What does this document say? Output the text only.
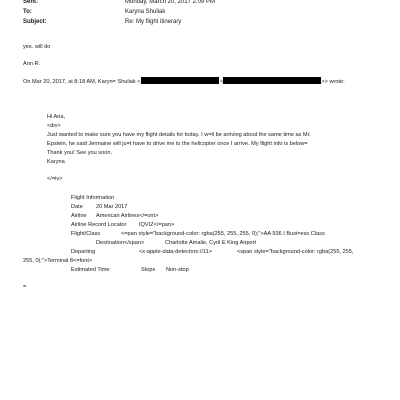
Sent:	Monday, March 20, 2017 2:09 PM
To:	Karyna Shuliak
Subject:	Re: My flight itinerary
yes. will do
Ann R.
On Mar 20, 2017, at 8:18 AM, Karyn= Shuliak <	<	>> wrote:
Hi Ana,
<div>
Just wanted to make sure you have my flight details for today. I w=ll be arriving about the same time as Mr.
Epstein, he said Jermaine will ju=t have to drive me to the helicopter once I arrive. My flight info is below=
Thank you! See you soon.
Karyna
</=iv>
Flight Information
Date 20 Mar 2017
Airline American Airlines</=ont>
Airline Record Locator IQVIZ</=pan>
Flight/Class	<=pan style="background-color: rgba(255, 255, 255, 0);">AA 936 I Busi=ess Class
Destination</span>	Charlotte Amalie, Cyril E King Airport
Departing	<x-apple-data-detectors://11>	<span style="background-color: rgba(255, 255,
255, 0);">Terminal 8<=font>
Estimated Time	Stops Non-stop
=
